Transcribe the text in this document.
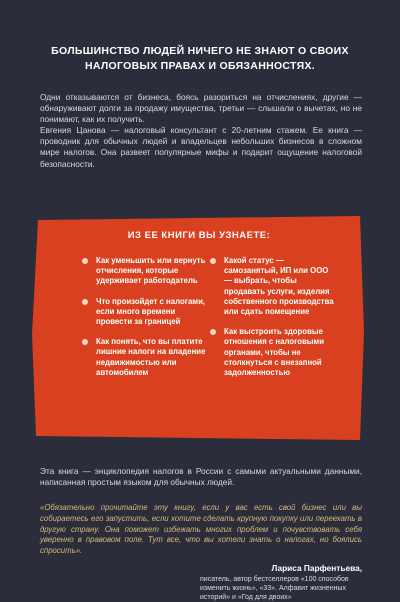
БОЛЬШИНСТВО ЛЮДЕЙ НИЧЕГО НЕ ЗНАЮТ О СВОИХ НАЛОГОВЫХ ПРАВАХ И ОБЯЗАННОСТЯХ.
Одни отказываются от бизнеса, боясь разориться на отчислениях, другие — обнаруживают долги за продажу имущества, третьи — слышали о вычетах, но не понимают, как их получить.
Евгения Цанова — налоговый консультант с 20-летним стажем. Ее книга — проводник для обычных людей и владельцев небольших бизнесов в сложном мире налогов. Она развеет популярные мифы и подарит ощущение налоговой безопасности.
ИЗ ЕЕ КНИГИ ВЫ УЗНАЕТЕ:
Как уменьшить или вернуть отчисления, которые удерживает работодатель
Что произойдет с налогами, если много времени провести за границей
Как понять, что вы платите лишние налоги на владение недвижимостью или автомобилем
Какой статус — самозанятый, ИП или ООО — выбрать, чтобы продавать услуги, изделия собственного производства или сдать помещение
Как выстроить здоровые отношения с налоговыми органами, чтобы не столкнуться с внезапной задолженностью
Эта книга — энциклопедия налогов в России с самыми актуальными данными, написанная простым языком для обычных людей.
«Обязательно прочитайте эту книгу, если у вас есть свой бизнес или вы собираетесь его запустить, если хотите сделать крупную покупку или переехать в другую страну. Она поможет избежать многих проблем и почувствовать себя уверенно в правовом поле. Тут все, что вы хотели знать о налогах, но боялись спросить».
Лариса Парфентьева,
писатель, автор бестселлеров «100 способов изменить жизнь», «33». Алфавит жизненных историй» и «Год для двоих»
